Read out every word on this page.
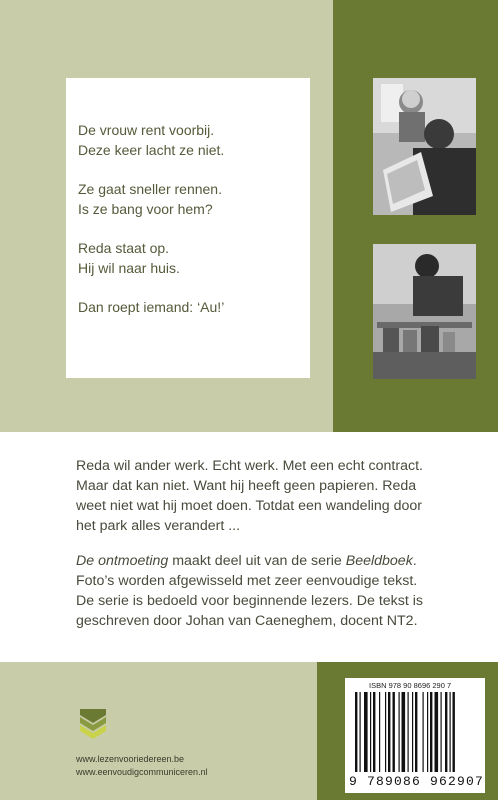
De vrouw rent voorbij.
Deze keer lacht ze niet.
Ze gaat sneller rennen.
Is ze bang voor hem?
Reda staat op.
Hij wil naar huis.
Dan roept iemand: ‘Au!’

Reda wil ander werk. Echt werk. Met een echt contract.
Maar dat kan niet. Want hij heeft geen papieren. Reda
weet niet wat hij moet doen. Totdat een wandeling door
het park alles verandert ...

De ontmoeting maakt deel uit van de serie Beeldboek.
Foto’s worden afgewisseld met zeer eenvoudige tekst.
De serie is bedoeld voor beginnende lezers. De tekst is
geschreven door Johan van Caeneghem, docent NT2.

www.lezenvooriedereen.be
www.eenvoudigcommuniceren.nl
ISBN 978 90 8696 290 7
9 789086 962907
